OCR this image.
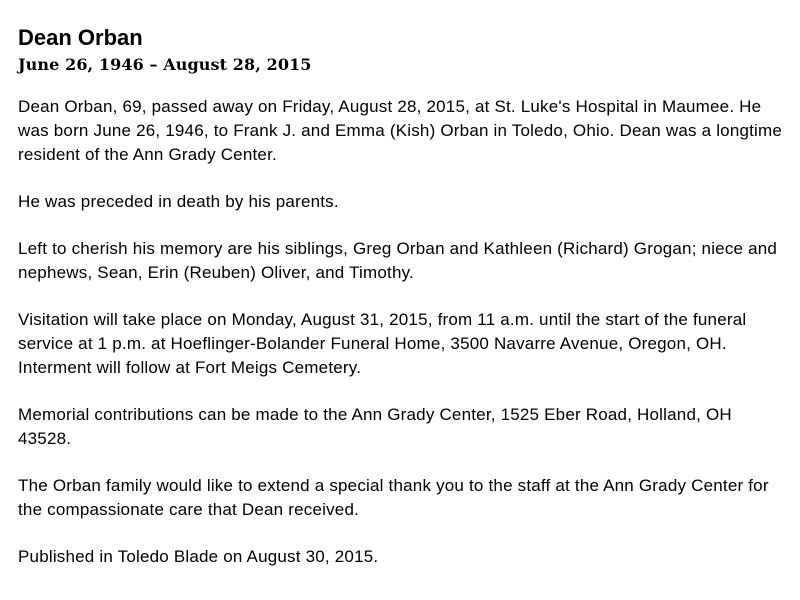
Dean Orban
June 26, 1946 – August 28, 2015

Dean Orban, 69, passed away on Friday, August 28, 2015, at St. Luke's Hospital in Maumee. He was born June 26, 1946, to Frank J. and Emma (Kish) Orban in Toledo, Ohio. Dean was a longtime resident of the Ann Grady Center.

He was preceded in death by his parents.

Left to cherish his memory are his siblings, Greg Orban and Kathleen (Richard) Grogan; niece and nephews, Sean, Erin (Reuben) Oliver, and Timothy.

Visitation will take place on Monday, August 31, 2015, from 11 a.m. until the start of the funeral service at 1 p.m. at Hoeflinger-Bolander Funeral Home, 3500 Navarre Avenue, Oregon, OH. Interment will follow at Fort Meigs Cemetery.

Memorial contributions can be made to the Ann Grady Center, 1525 Eber Road, Holland, OH 43528.

The Orban family would like to extend a special thank you to the staff at the Ann Grady Center for the compassionate care that Dean received.

Published in Toledo Blade on August 30, 2015.
